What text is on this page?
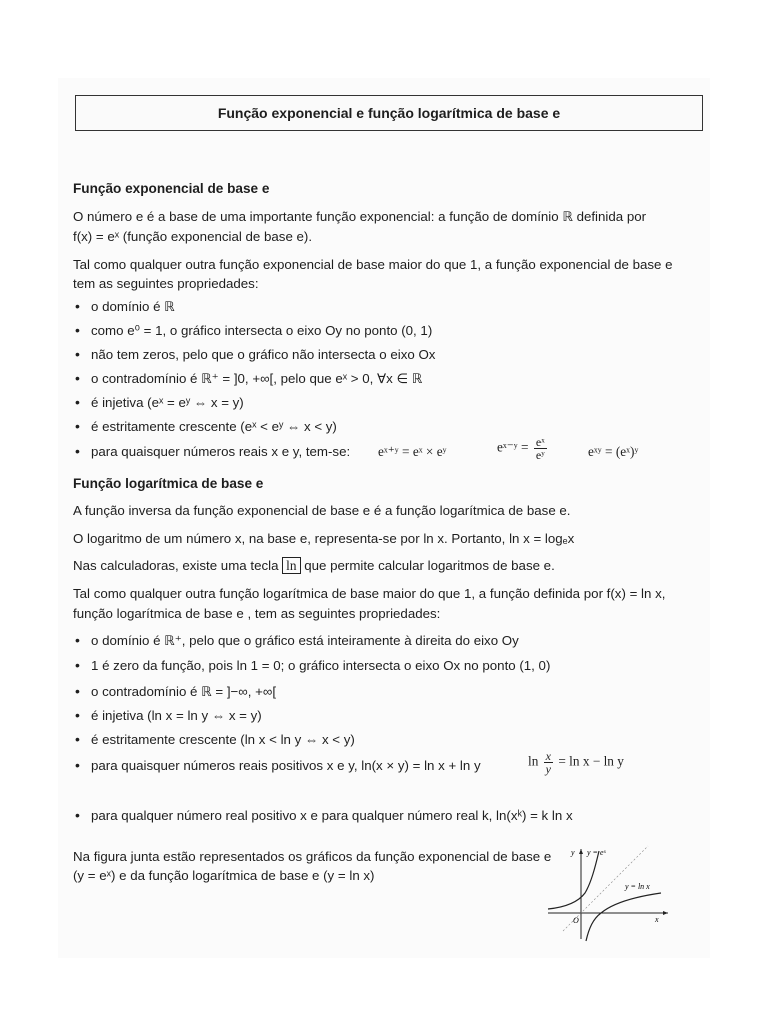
Função exponencial e função logarítmica de base e
Função exponencial de base e
O número e é a base de uma importante função exponencial: a função de domínio ℝ definida por
f(x) = eˣ (função exponencial de base e).
Tal como qualquer outra função exponencial de base maior do que 1, a função exponencial de base e
tem as seguintes propriedades:
• o domínio é ℝ
• como e⁰ = 1, o gráfico intersecta o eixo Oy no ponto (0, 1)
• não tem zeros, pelo que o gráfico não intersecta o eixo Ox
• o contradomínio é ℝ⁺ = ]0, +∞[, pelo que eˣ > 0, ∀x ∈ ℝ
• é injetiva (eˣ = eʸ ⇔ x = y)
• é estritamente crescente (eˣ < eʸ ⇔ x < y)
• para quaisquer números reais x e y, tem-se:	eˣ⁺ʸ = eˣ × eʸ	eˣ⁻ʸ = $\frac{\text{eˣ}}{\text{eʸ}}$	eˣʸ = (eˣ)ʸ
Função logarítmica de base e
A função inversa da função exponencial de base e é a função logarítmica de base e.
O logaritmo de um número x, na base e, representa-se por ln x. Portanto, ln x = logₑx
Nas calculadoras, existe uma tecla ln que permite calcular logaritmos de base e.
Tal como qualquer outra função logarítmica de base maior do que 1, a função definida por f(x) = ln x,
função logarítmica de base e , tem as seguintes propriedades:
• o domínio é ℝ⁺, pelo que o gráfico está inteiramente à direita do eixo Oy
• 1 é zero da função, pois ln 1 = 0; o gráfico intersecta o eixo Ox no ponto (1, 0)
• o contradomínio é ℝ = ]−∞, +∞[
• é injetiva (ln x = ln y ⇔ x = y)
• é estritamente crescente (ln x < ln y ⇔ x < y)
• para quaisquer números reais positivos x e y, ln(x × y) = ln x + ln y	$\ln \frac{x}{y} = \ln x - \ln y$
• para qualquer número real positivo x e para qualquer número real k, ln(xᵏ) = k ln x
Na figura junta estão representados os gráficos da função exponencial de base e
(y = eˣ) e da função logarítmica de base e (y = ln x)
y y = eˣ
y = ln x
O	x
